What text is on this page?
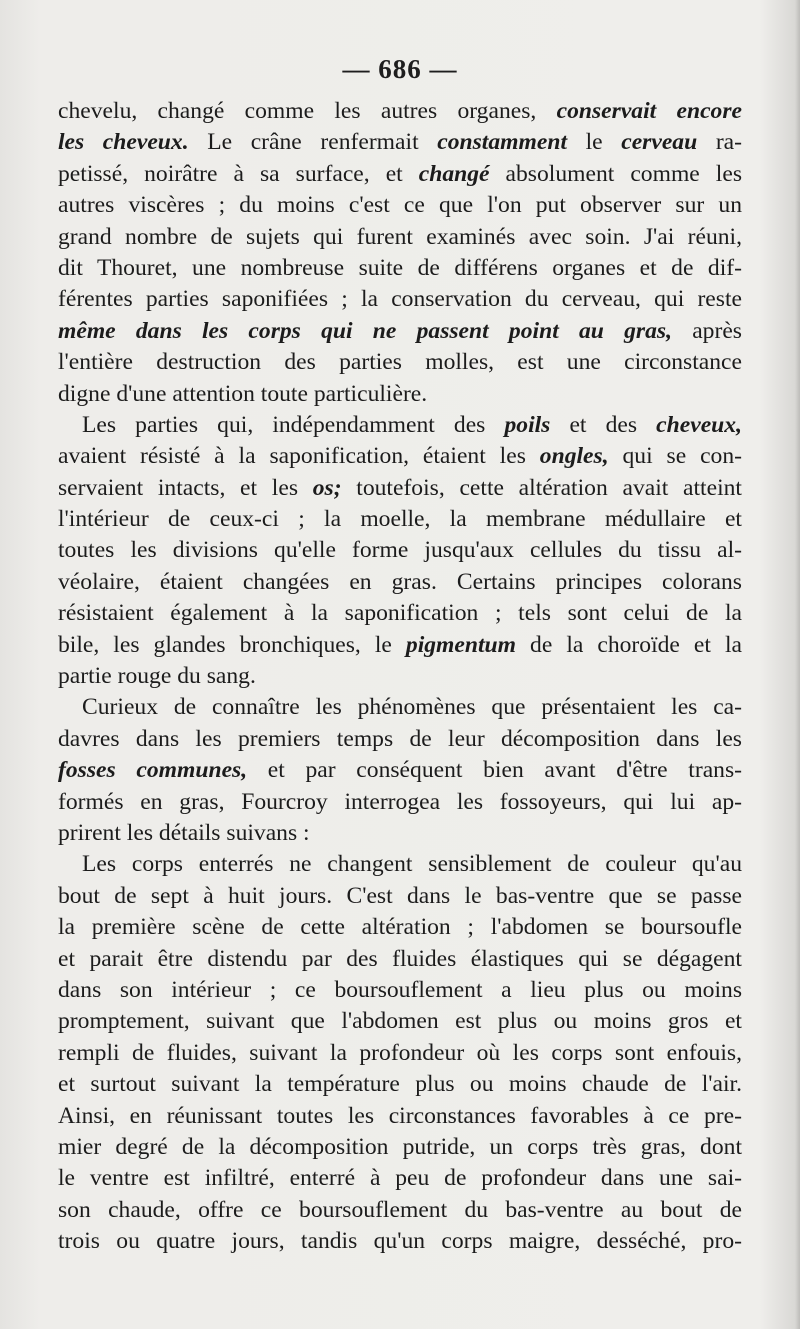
— 686 —
chevelu, changé comme les autres organes, conservait encore
les cheveux. Le crâne renfermait constamment le cerveau ra-
petissé, noirâtre à sa surface, et changé absolument comme les
autres viscères ; du moins c'est ce que l'on put observer sur un
grand nombre de sujets qui furent examinés avec soin. J'ai réuni,
dit Thouret, une nombreuse suite de différens organes et de dif-
férentes parties saponifiées ; la conservation du cerveau, qui reste
même dans les corps qui ne passent point au gras, après
l'entière destruction des parties molles, est une circonstance
digne d'une attention toute particulière.
Les parties qui, indépendamment des poils et des cheveux,
avaient résisté à la saponification, étaient les ongles, qui se con-
servaient intacts, et les os; toutefois, cette altération avait atteint
l'intérieur de ceux-ci ; la moelle, la membrane médullaire et
toutes les divisions qu'elle forme jusqu'aux cellules du tissu al-
véolaire, étaient changées en gras. Certains principes colorans
résistaient également à la saponification ; tels sont celui de la
bile, les glandes bronchiques, le pigmentum de la choroïde et la
partie rouge du sang.
Curieux de connaître les phénomènes que présentaient les ca-
davres dans les premiers temps de leur décomposition dans les
fosses communes, et par conséquent bien avant d'être trans-
formés en gras, Fourcroy interrogea les fossoyeurs, qui lui ap-
prirent les détails suivans :
Les corps enterrés ne changent sensiblement de couleur qu'au
bout de sept à huit jours. C'est dans le bas-ventre que se passe
la première scène de cette altération ; l'abdomen se boursoufle
et parait être distendu par des fluides élastiques qui se dégagent
dans son intérieur ; ce boursouflement a lieu plus ou moins
promptement, suivant que l'abdomen est plus ou moins gros et
rempli de fluides, suivant la profondeur où les corps sont enfouis,
et surtout suivant la température plus ou moins chaude de l'air.
Ainsi, en réunissant toutes les circonstances favorables à ce pre-
mier degré de la décomposition putride, un corps très gras, dont
le ventre est infiltré, enterré à peu de profondeur dans une sai-
son chaude, offre ce boursouflement du bas-ventre au bout de
trois ou quatre jours, tandis qu'un corps maigre, desséché, pro-
